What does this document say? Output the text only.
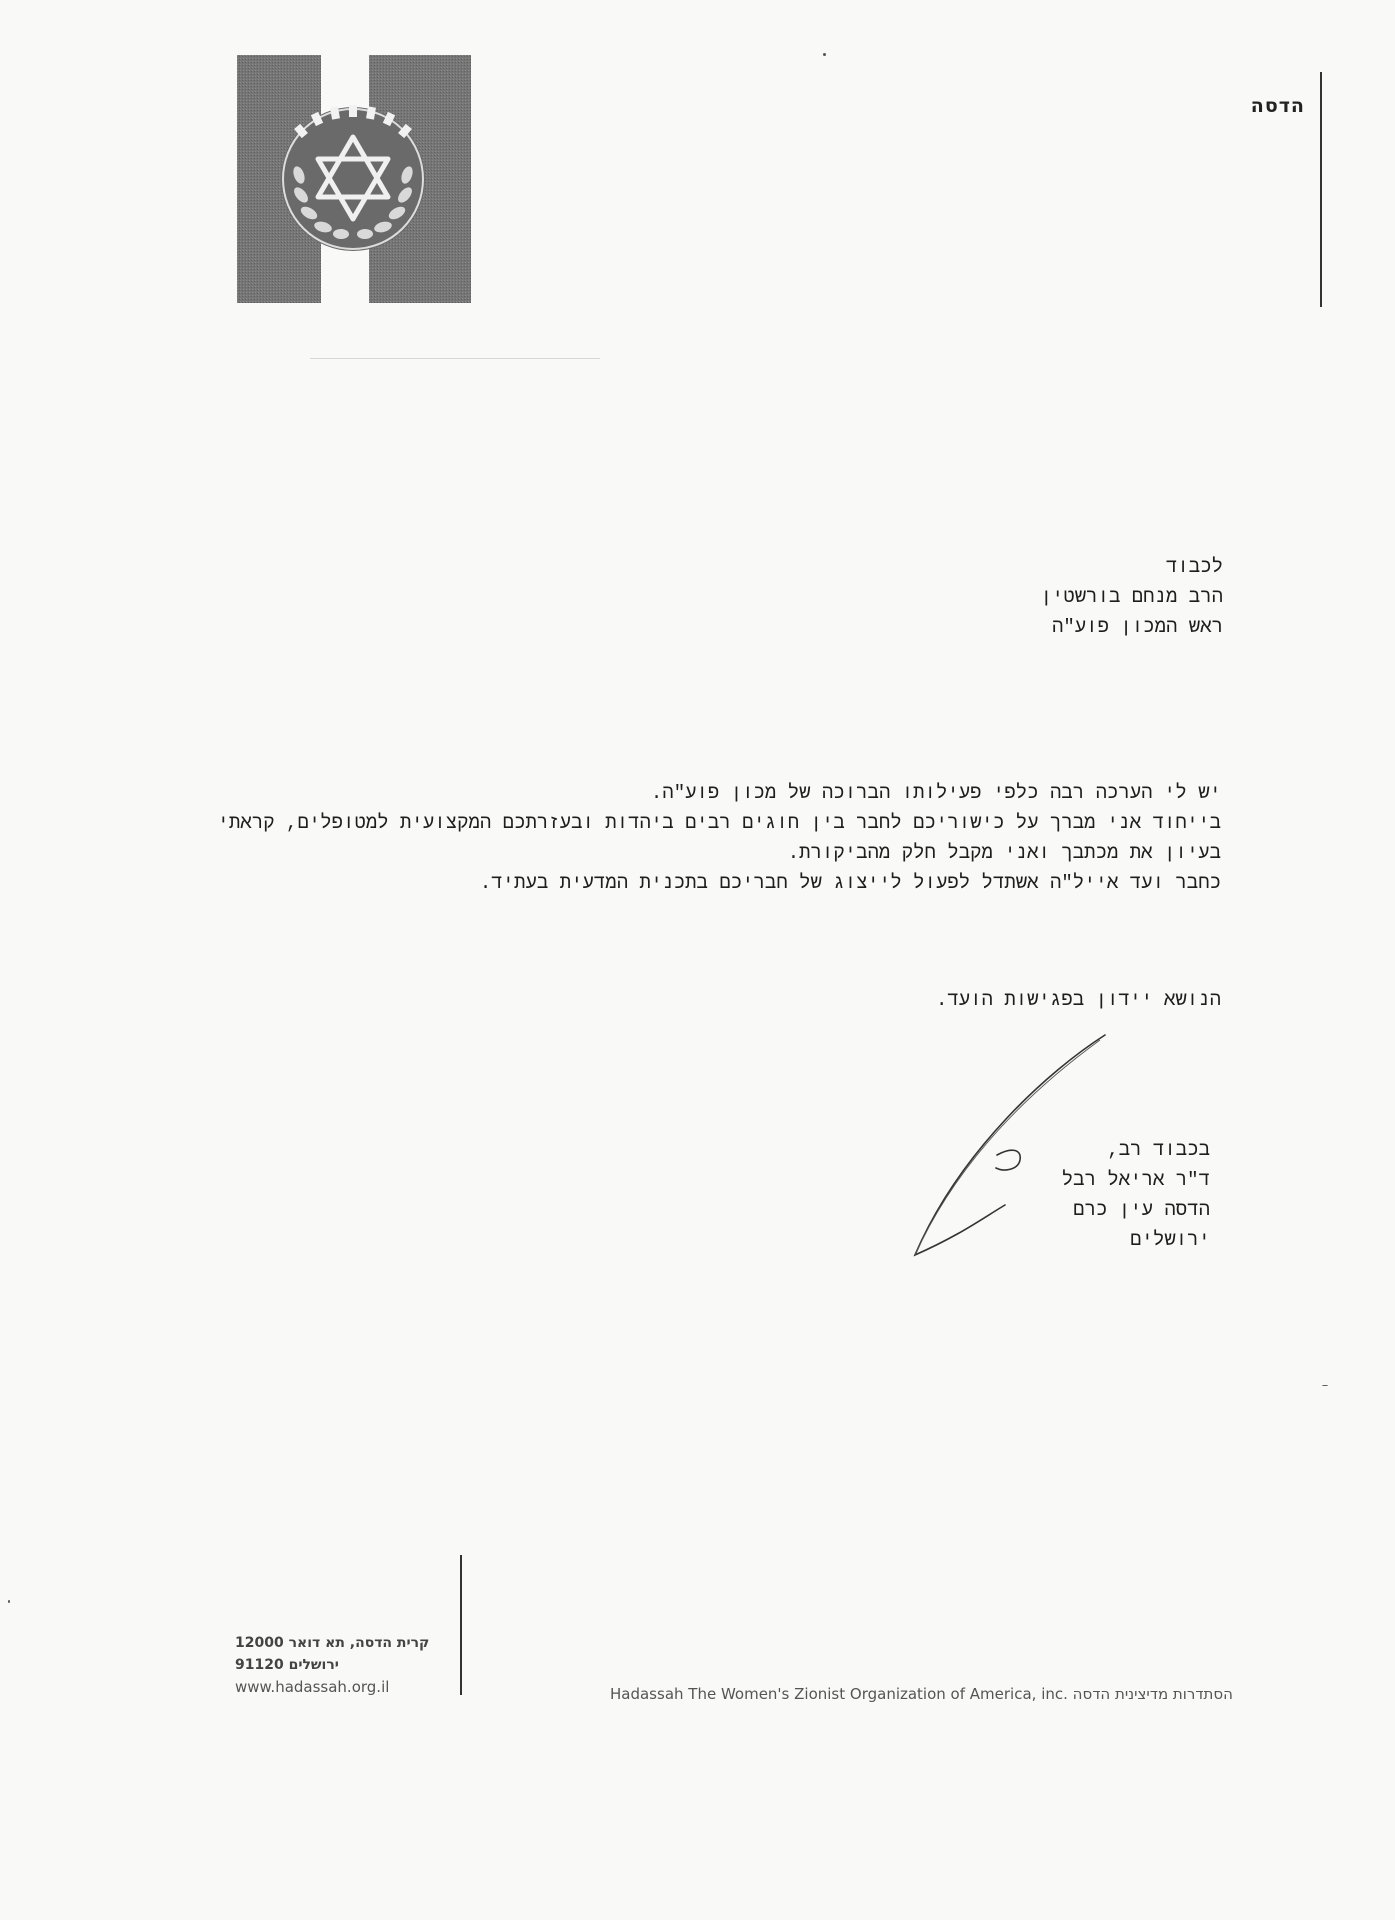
הדסה
לכבוד
הרב מנחם בורשטין
ראש המכון פוע"ה
יש לי הערכה רבה כלפי פעילותו הברוכה של מכון פוע"ה.
בייחוד אני מברך על כישוריכם לחבר בין חוגים רבים ביהדות ובעזרתכם המקצועית למטופלים, קראתי
בעיון את מכתבך ואני מקבל חלק מהביקורת.
כחבר ועד אייל"ה אשתדל לפעול לייצוג של חבריכם בתכנית המדעית בעתיד.
הנושא יידון בפגישות הועד.
בכבוד רב,
ד"ר אריאל רבל
הדסה עין כרם
ירושלים
קרית הדסה, תא דואר 12000
ירושלים 91120
www.hadassah.org.il	Hadassah The Women's Zionist Organization of America, inc. הסתדרות מדיצינית הדסה
